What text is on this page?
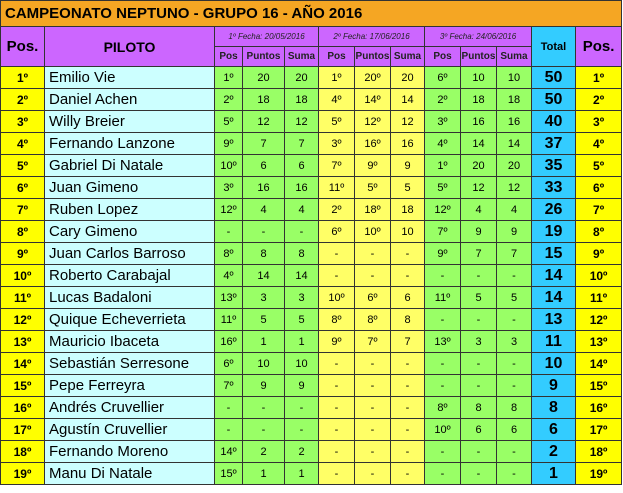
CAMPEONATO NEPTUNO - GRUPO 16 - AÑO 2016												
Pos.	PILOTO	1º Fecha: 20/05/2016			2º Fecha: 17/06/2016			3º Fecha: 24/06/2016			Total	Pos.
		Pos	Puntos	Suma	Pos	Puntos	Suma	Pos	Puntos	Suma		
1º	Emilio Vie	1º	20	20	1º	20º	20	6º	10	10	50	1º
2º	Daniel Achen	2º	18	18	4º	14º	14	2º	18	18	50	2º
3º	Willy Breier	5º	12	12	5º	12º	12	3º	16	16	40	3º
4º	Fernando Lanzone	9º	7	7	3º	16º	16	4º	14	14	37	4º
5º	Gabriel Di Natale	10º	6	6	7º	9º	9	1º	20	20	35	5º
6º	Juan Gimeno	3º	16	16	11º	5º	5	5º	12	12	33	6º
7º	Ruben Lopez	12º	4	4	2º	18º	18	12º	4	4	26	7º
8º	Cary Gimeno	-	-	-	6º	10º	10	7º	9	9	19	8º
9º	Juan Carlos Barroso	8º	8	8	-	-	-	9º	7	7	15	9º
10º	Roberto Carabajal	4º	14	14	-	-	-	-	-	-	14	10º
11º	Lucas Badaloni	13º	3	3	10º	6º	6	11º	5	5	14	11º
12º	Quique Echeverrieta	11º	5	5	8º	8º	8	-	-	-	13	12º
13º	Mauricio Ibaceta	16º	1	1	9º	7º	7	13º	3	3	11	13º
14º	Sebastián Serresone	6º	10	10	-	-	-	-	-	-	10	14º
15º	Pepe Ferreyra	7º	9	9	-	-	-	-	-	-	9	15º
16º	Andrés Cruvellier	-	-	-	-	-	-	8º	8	8	8	16º
17º	Agustín Cruvellier	-	-	-	-	-	-	10º	6	6	6	17º
18º	Fernando Moreno	14º	2	2	-	-	-	-	-	-	2	18º
19º	Manu Di Natale	15º	1	1	-	-	-	-	-	-	1	19º
